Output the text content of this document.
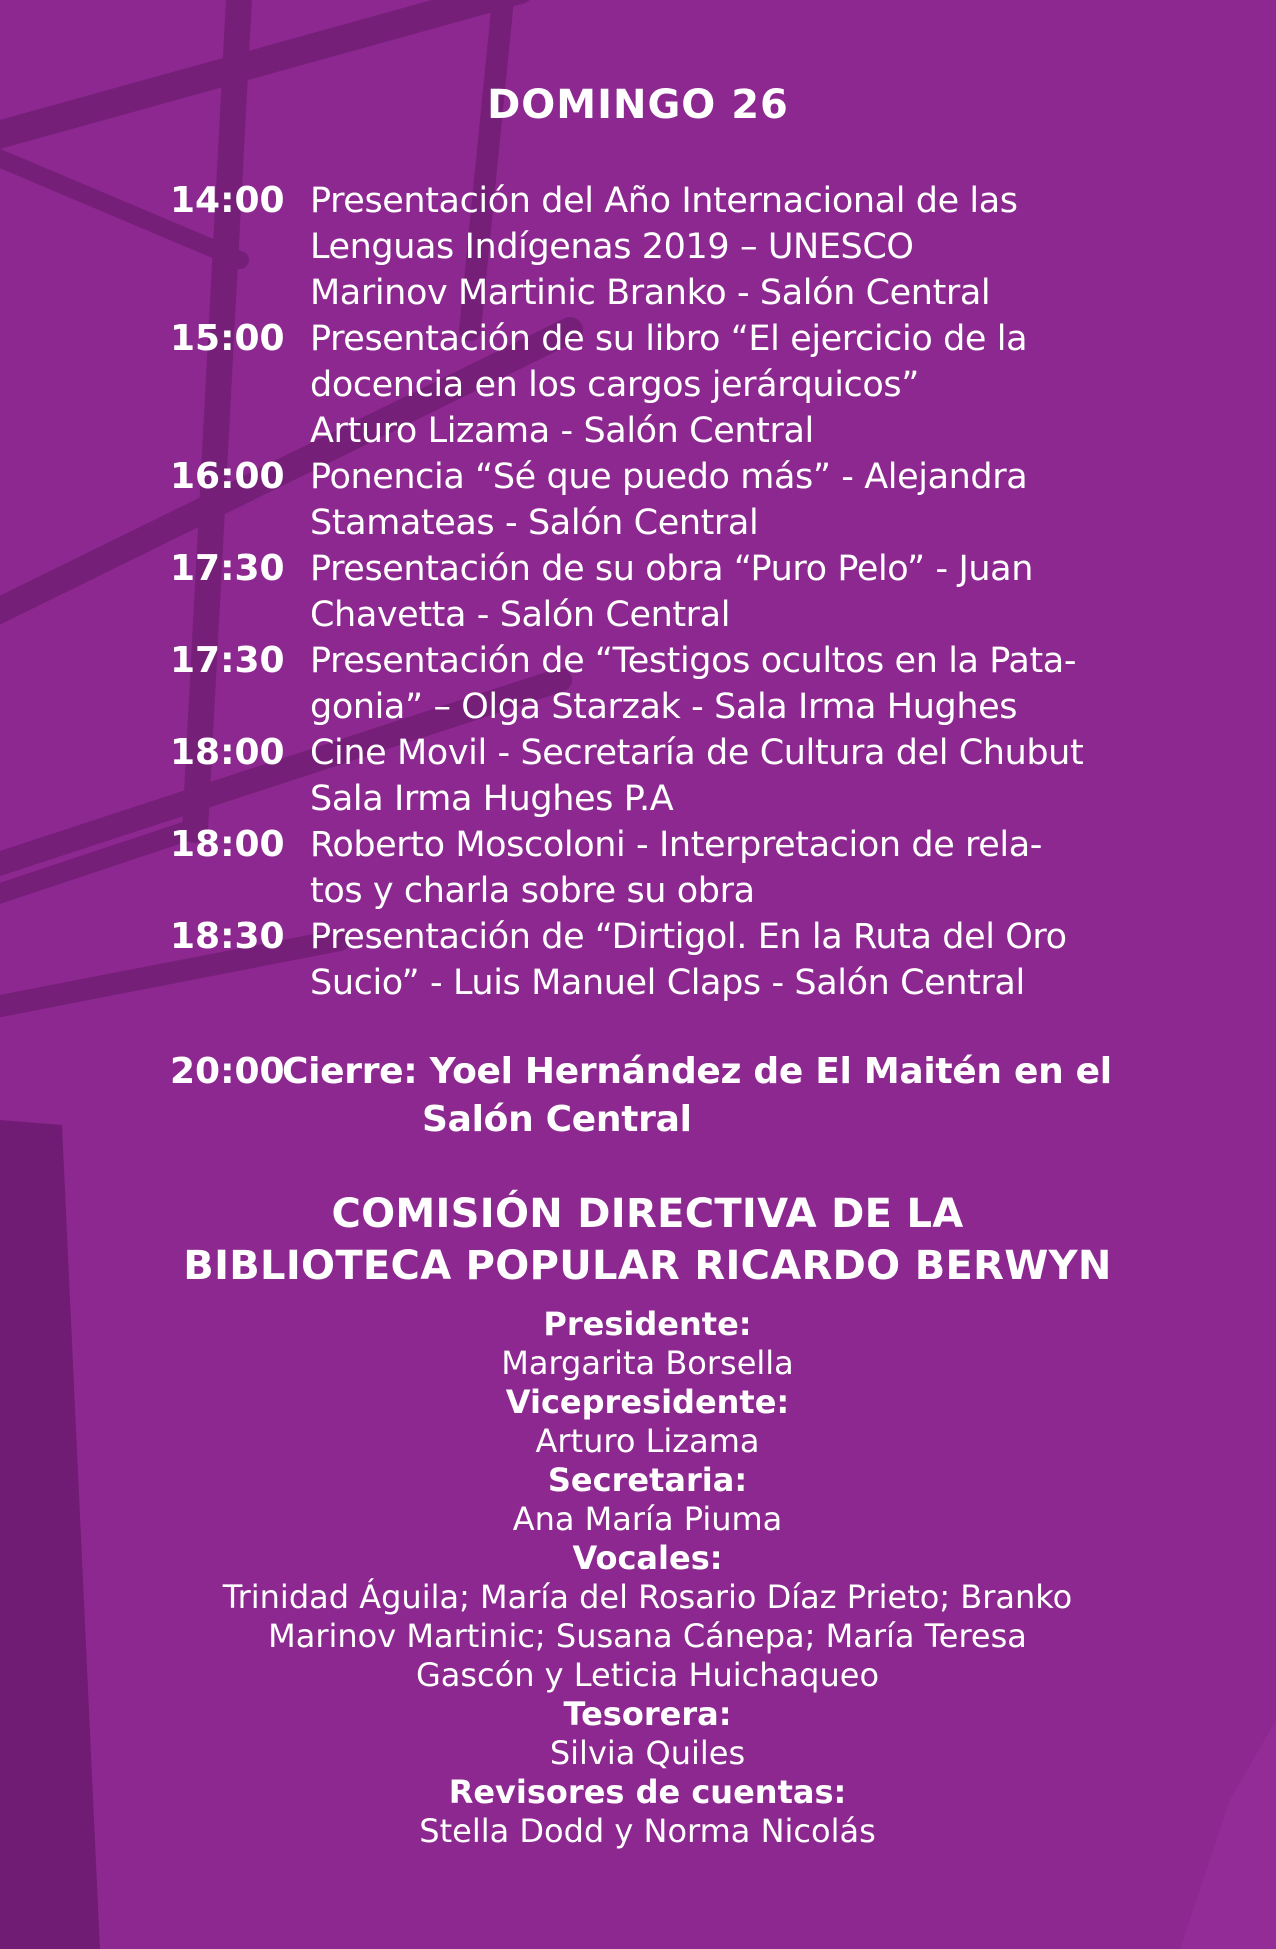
DOMINGO 26
14:00 Presentación del Año Internacional de las
Lenguas Indígenas 2019 – UNESCO
Marinov Martinic Branko - Salón Central
15:00 Presentación de su libro “El ejercicio de la
docencia en los cargos jerárquicos”
Arturo Lizama - Salón Central
16:00 Ponencia “Sé que puedo más” - Alejandra
Stamateas - Salón Central
17:30 Presentación de su obra “Puro Pelo” - Juan
Chavetta - Salón Central
17:30 Presentación de “Testigos ocultos en la Pata-
gonia” – Olga Starzak - Sala Irma Hughes
18:00 Cine Movil - Secretaría de Cultura del Chubut
Sala Irma Hughes P.A
18:00 Roberto Moscoloni - Interpretacion de rela-
tos y charla sobre su obra
18:30 Presentación de “Dirtigol. En la Ruta del Oro
Sucio” - Luis Manuel Claps - Salón Central
20:00
Cierre: Yoel Hernández de El Maitén en el
Salón Central
COMISIÓN DIRECTIVA DE LA
BIBLIOTECA POPULAR RICARDO BERWYN
Presidente:
Margarita Borsella
Vicepresidente:
Arturo Lizama
Secretaria:
Ana María Piuma
Vocales:
Trinidad Águila; María del Rosario Díaz Prieto; Branko
Marinov Martinic; Susana Cánepa; María Teresa
Gascón y Leticia Huichaqueo
Tesorera:
Silvia Quiles
Revisores de cuentas:
Stella Dodd y Norma Nicolás
